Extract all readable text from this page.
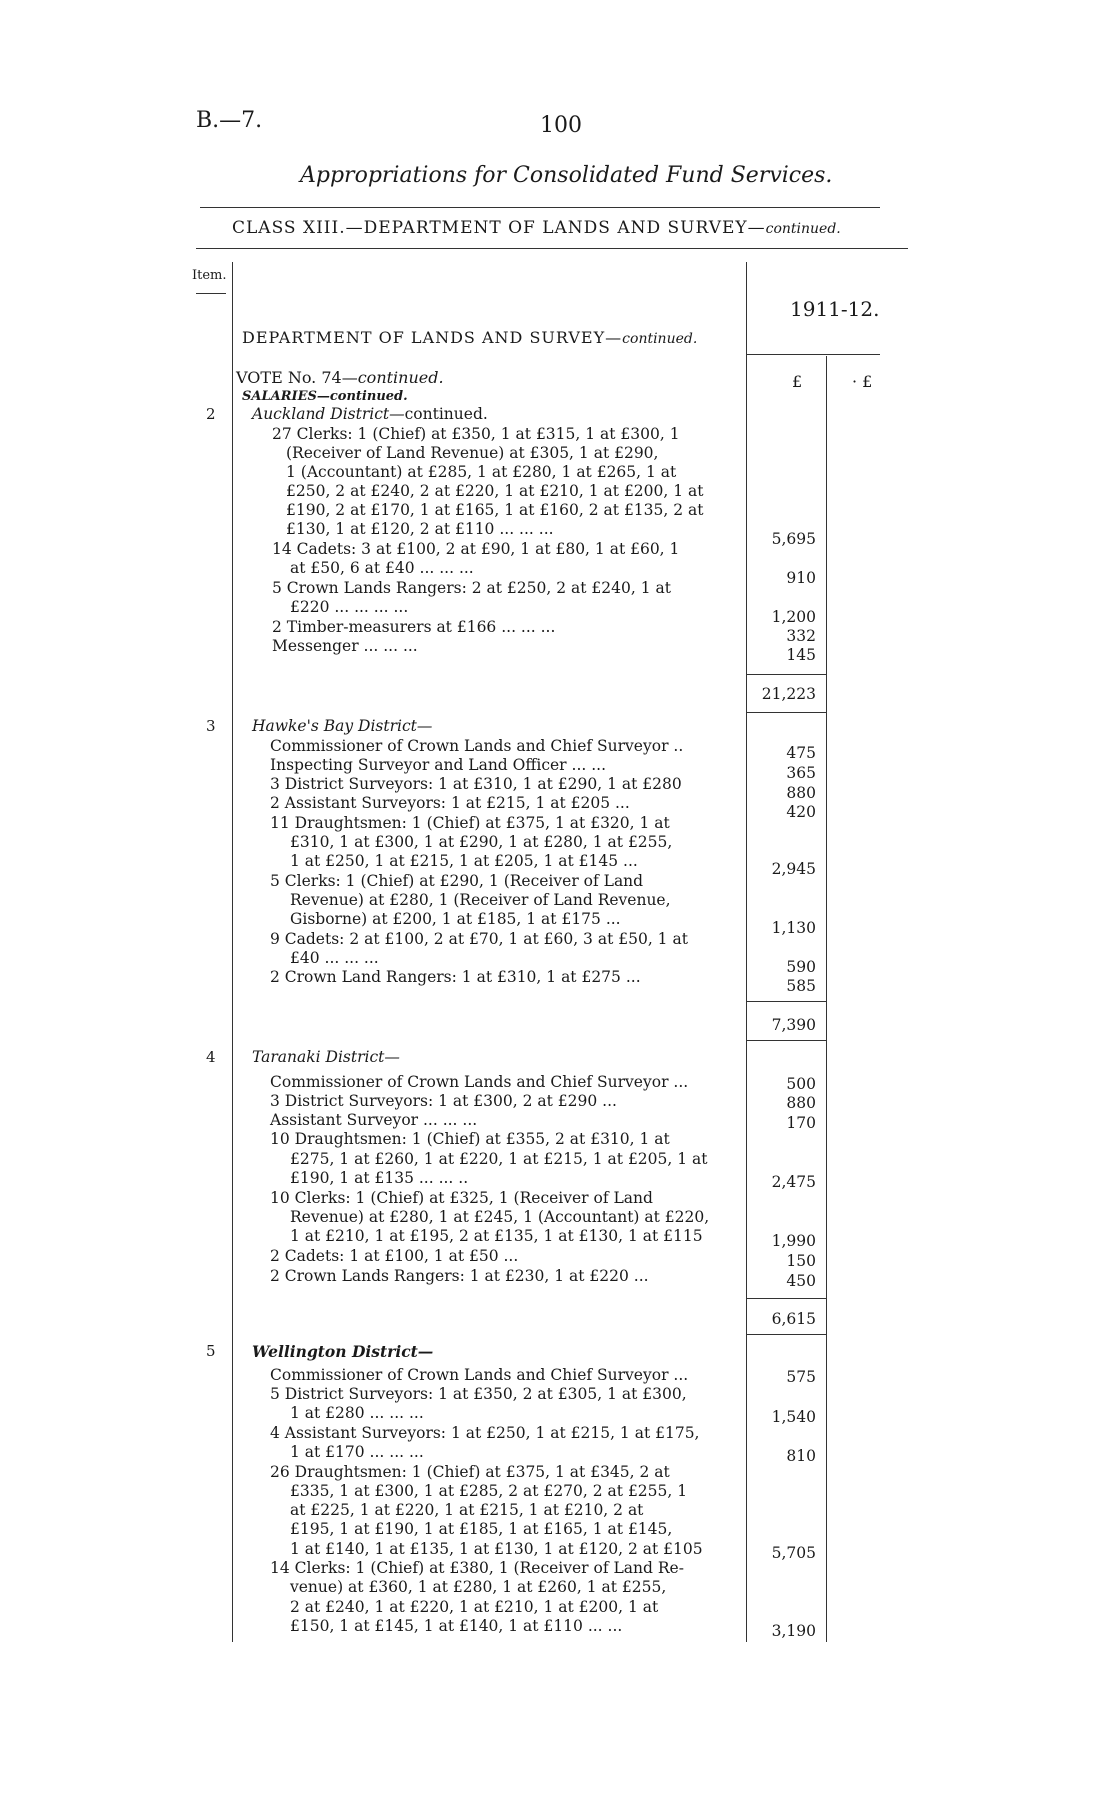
B.—7.	100
Appropriations for Consolidated Fund Services.
CLASS XIII.—DEPARTMENT OF LANDS AND SURVEY—continued.
Item.
1911-12.
DEPARTMENT OF LANDS AND SURVEY—continued.
£	· £
VOTE No. 74—continued.
SALARIES—continued.
2 Auckland District—continued.
27 Clerks: 1 (Chief) at £350, 1 at £315, 1 at £300, 1
(Receiver of Land Revenue) at £305, 1 at £290,
1 (Accountant) at £285, 1 at £280, 1 at £265, 1 at
£250, 2 at £240, 2 at £220, 1 at £210, 1 at £200, 1 at
£190, 2 at £170, 1 at £165, 1 at £160, 2 at £135, 2 at
£130, 1 at £120, 2 at £110 ... ... ...
14 Cadets: 3 at £100, 2 at £90, 1 at £80, 1 at £60, 1
at £50, 6 at £40 ... ... ...
5 Crown Lands Rangers: 2 at £250, 2 at £240, 1 at
£220 ... ... ... ...
2 Timber-measurers at £166 ... ... ...
Messenger ... ... ...
5,695
910
1,200
332
145
21,223
3 Hawke's Bay District—
Commissioner of Crown Lands and Chief Surveyor ..
Inspecting Surveyor and Land Officer ... ...
3 District Surveyors: 1 at £310, 1 at £290, 1 at £280
2 Assistant Surveyors: 1 at £215, 1 at £205 ...
11 Draughtsmen: 1 (Chief) at £375, 1 at £320, 1 at
£310, 1 at £300, 1 at £290, 1 at £280, 1 at £255,
1 at £250, 1 at £215, 1 at £205, 1 at £145 ...
5 Clerks: 1 (Chief) at £290, 1 (Receiver of Land
Revenue) at £280, 1 (Receiver of Land Revenue,
Gisborne) at £200, 1 at £185, 1 at £175 ...
9 Cadets: 2 at £100, 2 at £70, 1 at £60, 3 at £50, 1 at
£40 ... ... ...
2 Crown Land Rangers: 1 at £310, 1 at £275 ...
475
365
880
420
2,945
1,130
590
585
7,390
4 Taranaki District—
Commissioner of Crown Lands and Chief Surveyor ...
3 District Surveyors: 1 at £300, 2 at £290 ...
Assistant Surveyor ... ... ...
10 Draughtsmen: 1 (Chief) at £355, 2 at £310, 1 at
£275, 1 at £260, 1 at £220, 1 at £215, 1 at £205, 1 at
£190, 1 at £135 ... ... ..
10 Clerks: 1 (Chief) at £325, 1 (Receiver of Land
Revenue) at £280, 1 at £245, 1 (Accountant) at £220,
1 at £210, 1 at £195, 2 at £135, 1 at £130, 1 at £115
2 Cadets: 1 at £100, 1 at £50 ...
2 Crown Lands Rangers: 1 at £230, 1 at £220 ...
500
880
170
2,475
1,990
150
450
6,615
5 Wellington District—
Commissioner of Crown Lands and Chief Surveyor ...
5 District Surveyors: 1 at £350, 2 at £305, 1 at £300,
1 at £280 ... ... ...
4 Assistant Surveyors: 1 at £250, 1 at £215, 1 at £175,
1 at £170 ... ... ...
26 Draughtsmen: 1 (Chief) at £375, 1 at £345, 2 at
£335, 1 at £300, 1 at £285, 2 at £270, 2 at £255, 1
at £225, 1 at £220, 1 at £215, 1 at £210, 2 at
£195, 1 at £190, 1 at £185, 1 at £165, 1 at £145,
1 at £140, 1 at £135, 1 at £130, 1 at £120, 2 at £105
14 Clerks: 1 (Chief) at £380, 1 (Receiver of Land Re-
venue) at £360, 1 at £280, 1 at £260, 1 at £255,
2 at £240, 1 at £220, 1 at £210, 1 at £200, 1 at
£150, 1 at £145, 1 at £140, 1 at £110 ... ...
575
1,540
810
5,705
3,190
